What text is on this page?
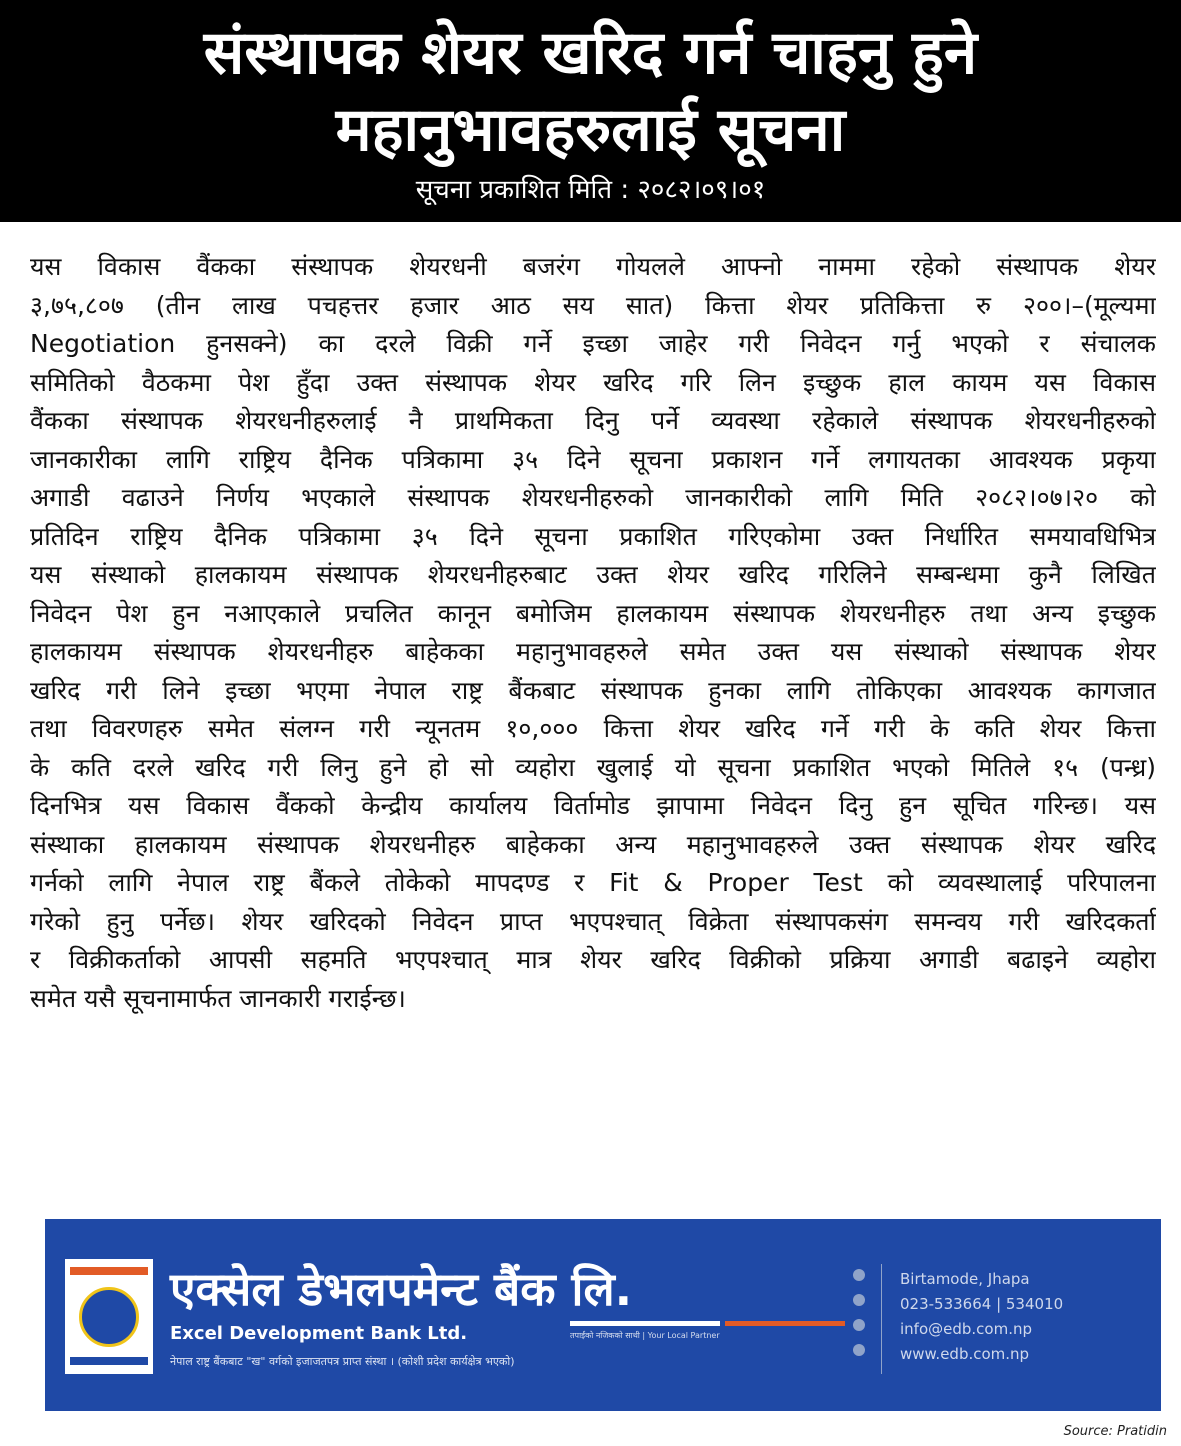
संस्थापक शेयर खरिद गर्न चाहनु हुने
महानुभावहरुलाई सूचना
सूचना प्रकाशित मिति : २०८२।०९।०१
यस विकास वैंकका संस्थापक शेयरधनी बजरंग गोयलले आफ्नो नाममा रहेको संस्थापक शेयर
३,७५,८०७ (तीन लाख पचहत्तर हजार आठ सय सात) कित्ता शेयर प्रतिकित्ता रु २००।–(मूल्यमा
Negotiation हुनसक्ने) का दरले विक्री गर्ने इच्छा जाहेर गरी निवेदन गर्नु भएको र संचालक
समितिको वैठकमा पेश हुँदा उक्त संस्थापक शेयर खरिद गरि लिन इच्छुक हाल कायम यस विकास
वैंकका संस्थापक शेयरधनीहरुलाई नै प्राथमिकता दिनु पर्ने व्यवस्था रहेकाले संस्थापक शेयरधनीहरुको
जानकारीका लागि राष्ट्रिय दैनिक पत्रिकामा ३५ दिने सूचना प्रकाशन गर्ने लगायतका आवश्यक प्रकृया
अगाडी वढाउने निर्णय भएकाले संस्थापक शेयरधनीहरुको जानकारीको लागि मिति २०८२।०७।२० को
प्रतिदिन राष्ट्रिय दैनिक पत्रिकामा ३५ दिने सूचना प्रकाशित गरिएकोमा उक्त निर्धारित समयावधिभित्र
यस संस्थाको हालकायम संस्थापक शेयरधनीहरुबाट उक्त शेयर खरिद गरिलिने सम्बन्धमा कुनै लिखित
निवेदन पेश हुन नआएकाले प्रचलित कानून बमोजिम हालकायम संस्थापक शेयरधनीहरु तथा अन्य इच्छुक
हालकायम संस्थापक शेयरधनीहरु बाहेकका महानुभावहरुले समेत उक्त यस संस्थाको संस्थापक शेयर
खरिद गरी लिने इच्छा भएमा नेपाल राष्ट्र बैंकबाट संस्थापक हुनका लागि तोकिएका आवश्यक कागजात
तथा विवरणहरु समेत संलग्न गरी न्यूनतम १०,००० कित्ता शेयर खरिद गर्ने गरी के कति शेयर कित्ता
के कति दरले खरिद गरी लिनु हुने हो सो व्यहोरा खुलाई यो सूचना प्रकाशित भएको मितिले १५ (पन्ध्र)
दिनभित्र यस विकास वैंकको केन्द्रीय कार्यालय विर्तामोड झापामा निवेदन दिनु हुन सूचित गरिन्छ। यस
संस्थाका हालकायम संस्थापक शेयरधनीहरु बाहेकका अन्य महानुभावहरुले उक्त संस्थापक शेयर खरिद
गर्नको लागि नेपाल राष्ट्र बैंकले तोकेको मापदण्ड र Fit & Proper Test को व्यवस्थालाई परिपालना
गरेको हुनु पर्नेछ। शेयर खरिदको निवेदन प्राप्त भएपश्चात् विक्रेता संस्थापकसंग समन्वय गरी खरिदकर्ता
र विक्रीकर्ताको आपसी सहमति भएपश्चात् मात्र शेयर खरिद विक्रीको प्रक्रिया अगाडी बढाइने व्यहोरा
समेत यसै सूचनामार्फत जानकारी गराईन्छ।
एक्सेल डेभलपमेन्ट बैंक लि.
Excel Development Bank Ltd.	तपाईंको नजिकको साथी | Your Local Partner
नेपाल राष्ट्र बैंकबाट "ख" वर्गको इजाजतपत्र प्राप्त संस्था । (कोशी प्रदेश कार्यक्षेत्र भएको)
Birtamode, Jhapa
023-533664 | 534010
info@edb.com.np
www.edb.com.np
Source: Pratidin
